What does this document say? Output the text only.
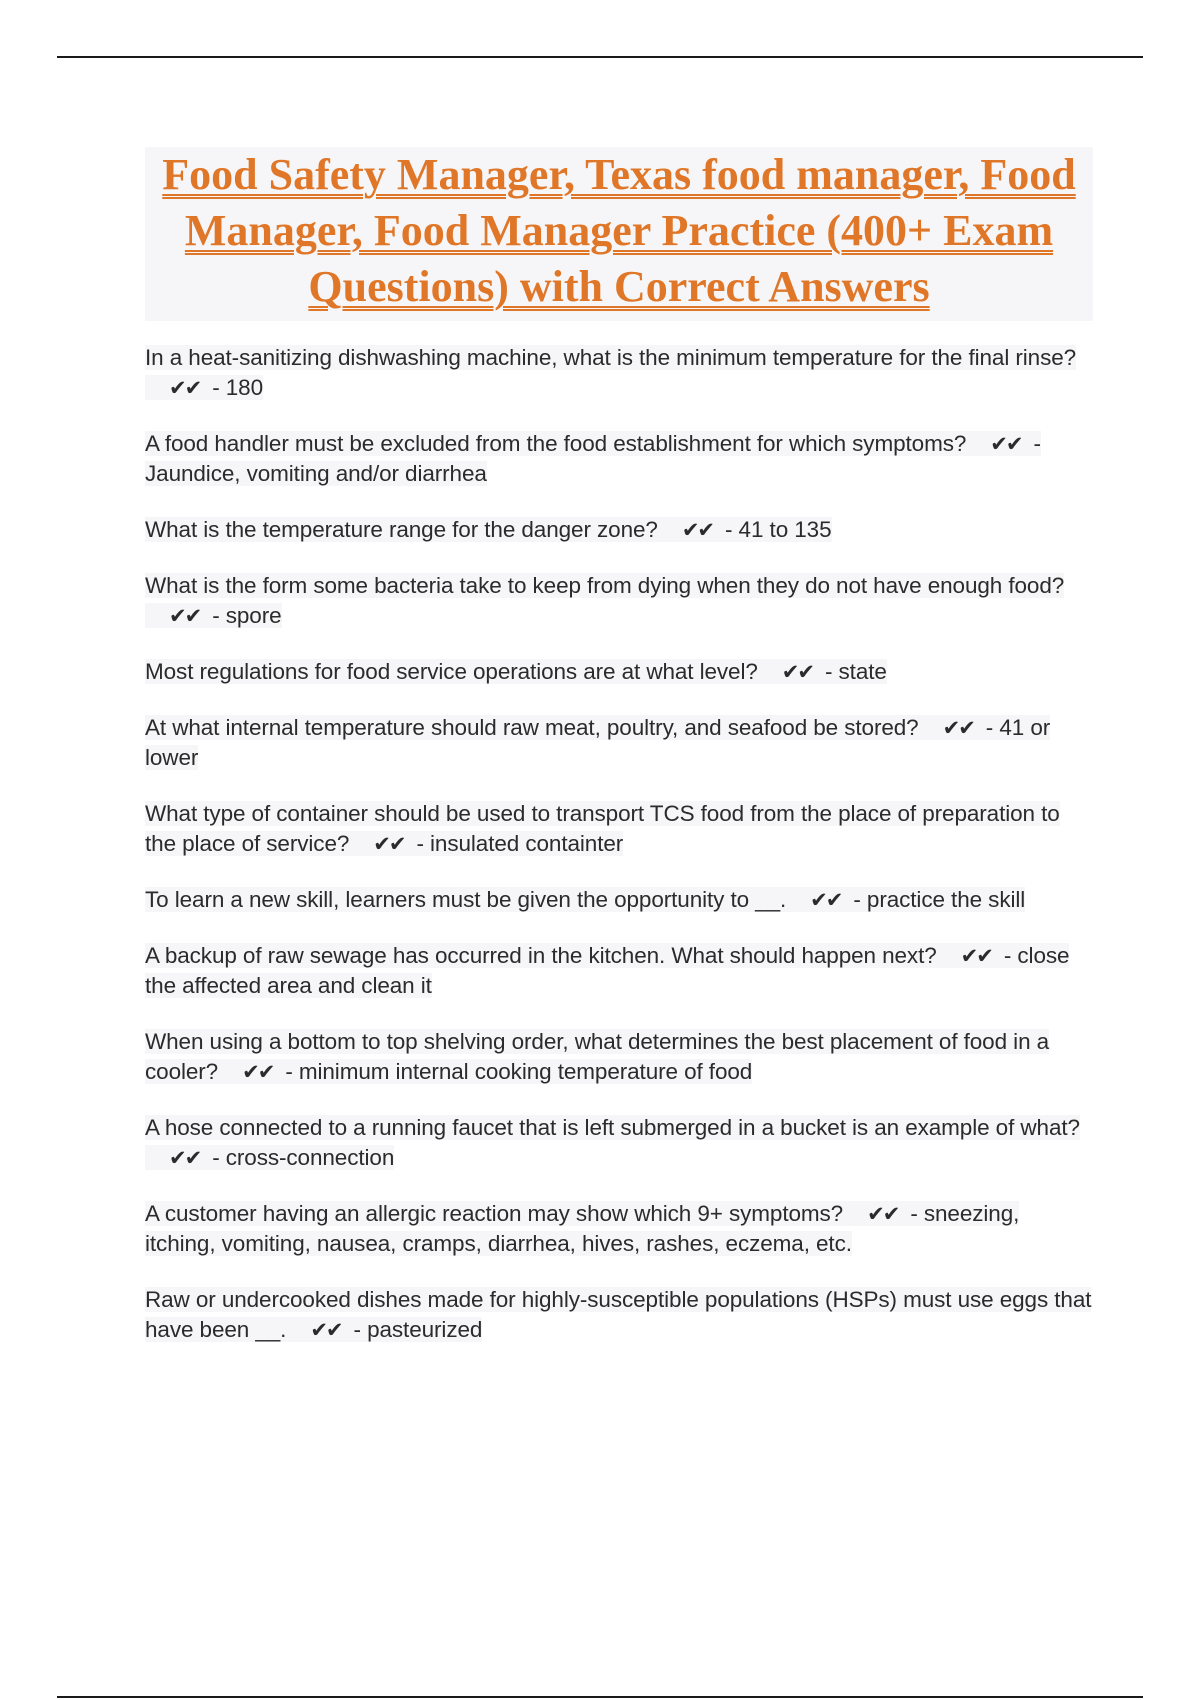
Food Safety Manager, Texas food manager, Food Manager, Food Manager Practice (400+ Exam Questions) with Correct Answers
In a heat-sanitizing dishwashing machine, what is the minimum temperature for the final rinse?✔✔ - 180
A food handler must be excluded from the food establishment for which symptoms? ✔✔ - Jaundice, vomiting and/or diarrhea
What is the temperature range for the danger zone? ✔✔ - 41 to 135
What is the form some bacteria take to keep from dying when they do not have enough food?✔✔ - spore
Most regulations for food service operations are at what level? ✔✔ - state
At what internal temperature should raw meat, poultry, and seafood be stored? ✔✔ - 41 or lower
What type of container should be used to transport TCS food from the place of preparation to the place of service? ✔✔ - insulated containter
To learn a new skill, learners must be given the opportunity to __. ✔✔ - practice the skill
A backup of raw sewage has occurred in the kitchen. What should happen next? ✔✔ - close the affected area and clean it
When using a bottom to top shelving order, what determines the best placement of food in a cooler? ✔✔ - minimum internal cooking temperature of food
A hose connected to a running faucet that is left submerged in a bucket is an example of what?✔✔ - cross-connection
A customer having an allergic reaction may show which 9+ symptoms? ✔✔ - sneezing, itching, vomiting, nausea, cramps, diarrhea, hives, rashes, eczema, etc.
Raw or undercooked dishes made for highly-susceptible populations (HSPs) must use eggs that have been __. ✔✔ - pasteurized
